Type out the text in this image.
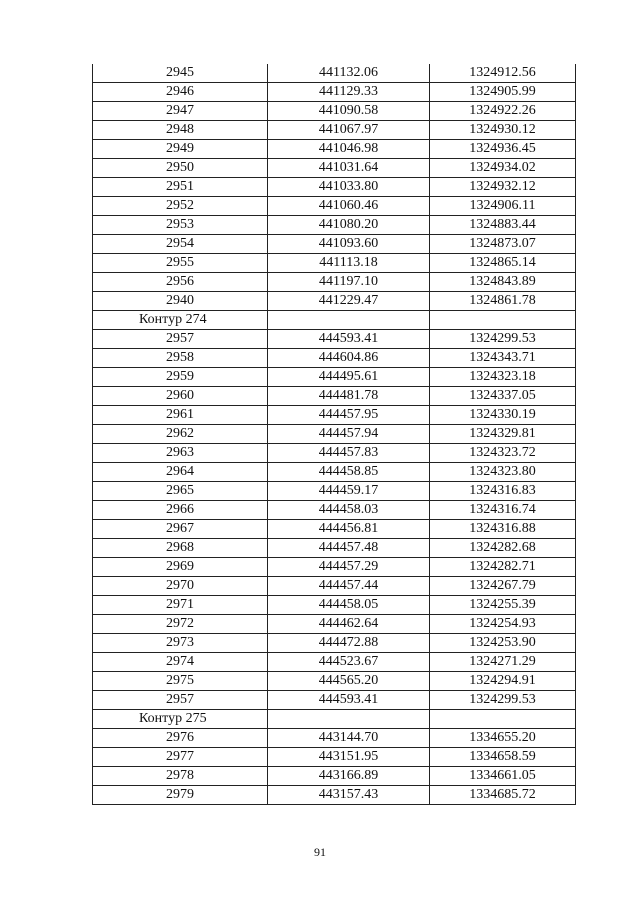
2945	441132.06	1324912.56
2946	441129.33	1324905.99
2947	441090.58	1324922.26
2948	441067.97	1324930.12
2949	441046.98	1324936.45
2950	441031.64	1324934.02
2951	441033.80	1324932.12
2952	441060.46	1324906.11
2953	441080.20	1324883.44
2954	441093.60	1324873.07
2955	441113.18	1324865.14
2956	441197.10	1324843.89
2940	441229.47	1324861.78
Контур 274		
2957	444593.41	1324299.53
2958	444604.86	1324343.71
2959	444495.61	1324323.18
2960	444481.78	1324337.05
2961	444457.95	1324330.19
2962	444457.94	1324329.81
2963	444457.83	1324323.72
2964	444458.85	1324323.80
2965	444459.17	1324316.83
2966	444458.03	1324316.74
2967	444456.81	1324316.88
2968	444457.48	1324282.68
2969	444457.29	1324282.71
2970	444457.44	1324267.79
2971	444458.05	1324255.39
2972	444462.64	1324254.93
2973	444472.88	1324253.90
2974	444523.67	1324271.29
2975	444565.20	1324294.91
2957	444593.41	1324299.53
Контур 275		
2976	443144.70	1334655.20
2977	443151.95	1334658.59
2978	443166.89	1334661.05
2979	443157.43	1334685.72
91
